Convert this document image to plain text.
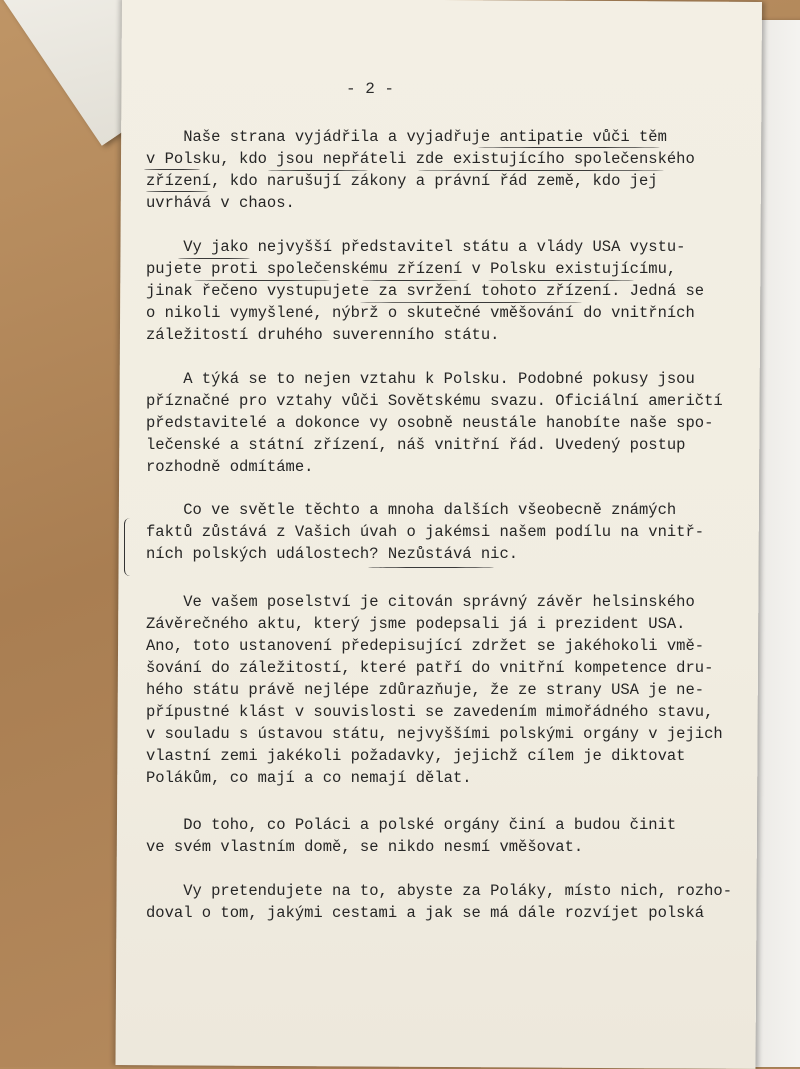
- 2 -
Naše strana vyjádřila a vyjadřuje antipatie vůči těm
v Polsku, kdo jsou nepřáteli zde existujícího společenského
zřízení, kdo narušují zákony a právní řád země, kdo jej
uvrhává v chaos.
Vy jako nejvyšší představitel státu a vlády USA vystu-
pujete proti společenskému zřízení v Polsku existujícímu,
jinak řečeno vystupujete za svržení tohoto zřízení. Jedná se
o nikoli vymyšlené, nýbrž o skutečné vměšování do vnitřních
záležitostí druhého suverenního státu.
A týká se to nejen vztahu k Polsku. Podobné pokusy jsou
příznačné pro vztahy vůči Sovětskému svazu. Oficiální američtí
představitelé a dokonce vy osobně neustále hanobíte naše spo-
lečenské a státní zřízení, náš vnitřní řád. Uvedený postup
rozhodně odmítáme.
Co ve světle těchto a mnoha dalších všeobecně známých
faktů zůstává z Vašich úvah o jakémsi našem podílu na vnitř-
ních polských událostech? Nezůstává nic.
Ve vašem poselství je citován správný závěr helsinského
Závěrečného aktu, který jsme podepsali já i prezident USA.
Ano, toto ustanovení předepisující zdržet se jakéhokoli vmě-
šování do záležitostí, které patří do vnitřní kompetence dru-
hého státu právě nejlépe zdůrazňuje, že ze strany USA je ne-
přípustné klást v souvislosti se zavedením mimořádného stavu,
v souladu s ústavou státu, nejvyššími polskými orgány v jejich
vlastní zemi jakékoli požadavky, jejichž cílem je diktovat
Polákům, co mají a co nemají dělat.
Do toho, co Poláci a polské orgány činí a budou činit
ve svém vlastním domě, se nikdo nesmí vměšovat.
Vy pretendujete na to, abyste za Poláky, místo nich, rozho-
doval o tom, jakými cestami a jak se má dále rozvíjet polská
